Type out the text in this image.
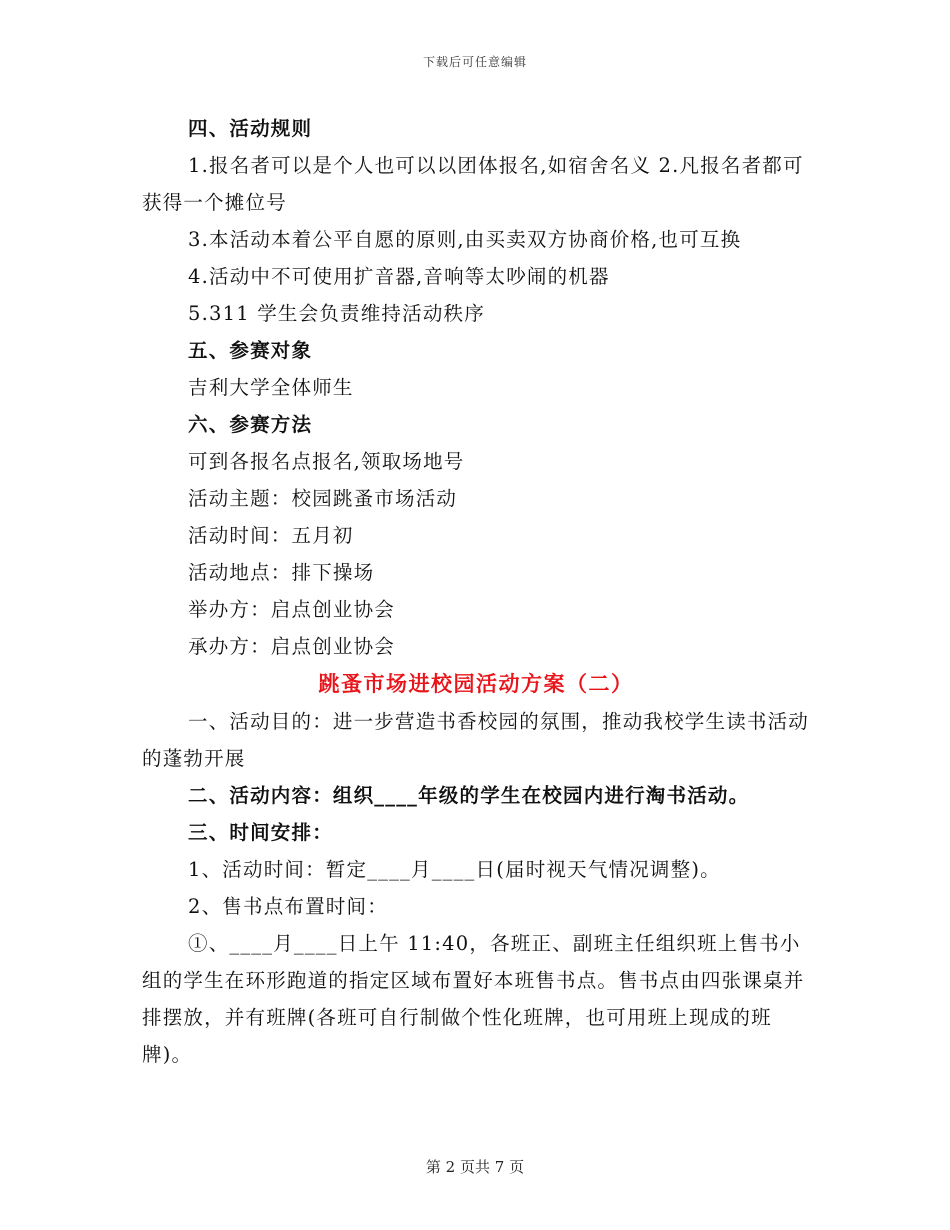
下载后可任意编辑
四、活动规则
1.报名者可以是个人也可以以团体报名,如宿舍名义 2.凡报名者都可获得一个摊位号
3.本活动本着公平自愿的原则,由买卖双方协商价格,也可互换
4.活动中不可使用扩音器,音响等太吵闹的机器
5.311 学生会负责维持活动秩序
五、参赛对象
吉利大学全体师生
六、参赛方法
可到各报名点报名,领取场地号
活动主题：校园跳蚤市场活动
活动时间：五月初
活动地点：排下操场
举办方：启点创业协会
承办方：启点创业协会
跳蚤市场进校园活动方案（二）
一、活动目的：进一步营造书香校园的氛围，推动我校学生读书活动的蓬勃开展
二、活动内容：组织____年级的学生在校园内进行淘书活动。
三、时间安排：
1、活动时间：暂定____月____日(届时视天气情况调整)。
2、售书点布置时间：
①、____月____日上午 11:40，各班正、副班主任组织班上售书小组的学生在环形跑道的指定区域布置好本班售书点。售书点由四张课桌并排摆放，并有班牌(各班可自行制做个性化班牌，也可用班上现成的班牌)。
第 2 页共 7 页
